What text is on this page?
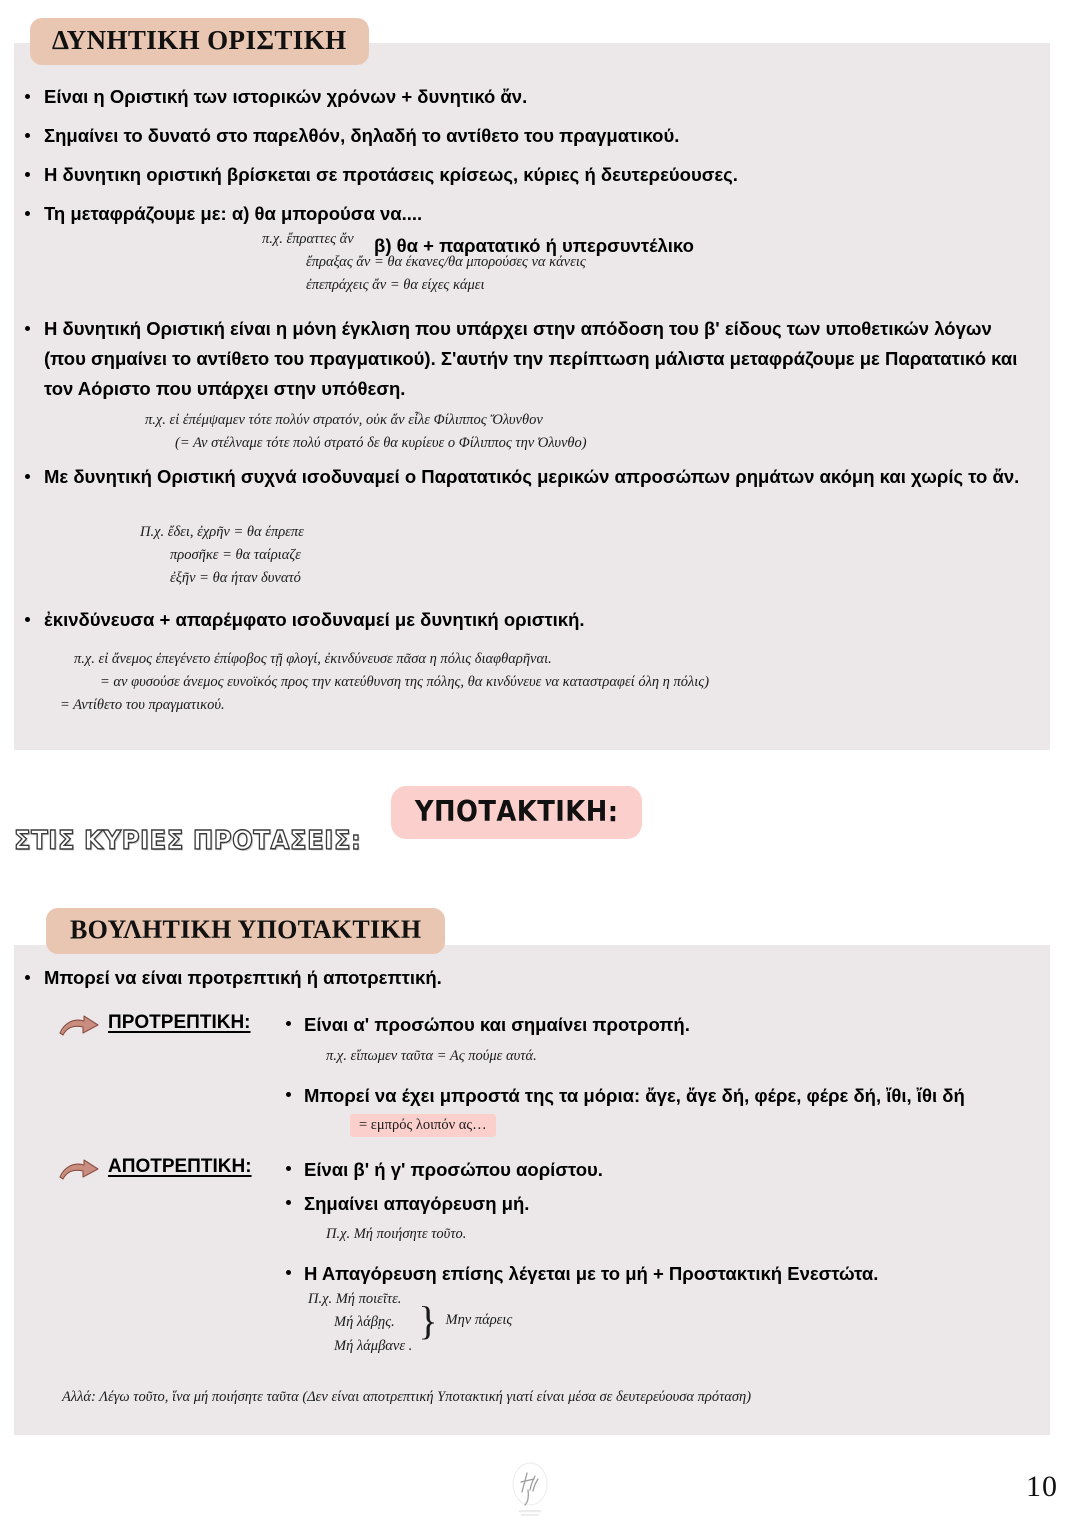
ΔΥΝΗΤΙΚΗ ΟΡΙΣΤΙΚΗ
Είναι η Οριστική των ιστορικών χρόνων + δυνητικό ἄν.
Σημαίνει το δυνατό στο παρελθόν, δηλαδή το αντίθετο του πραγματικού.
Η δυνητικη οριστική βρίσκεται σε προτάσεις κρίσεως, κύριες ή δευτερεύουσες.
Τη μεταφράζουμε με: α) θα μπορούσα να....
β) θα + παρατατικό ή υπερσυντέλικο
π.χ. ἔπραττες ἄν
ἔπραξας ἄν = θα έκανες/θα μπορούσες να κάνεις
ἐπεπράχεις ἄν = θα είχες κάμει
Η δυνητική Οριστική είναι η μόνη έγκλιση που υπάρχει στην απόδοση του β' είδους των υποθετικών λόγων (που σημαίνει το αντίθετο του πραγματικού). Σ'αυτήν την περίπτωση μάλιστα μεταφράζουμε με Παρατατικό και τον Αόριστο που υπάρχει στην υπόθεση.
π.χ. εἰ ἐπέμψαμεν τότε πολύν στρατόν, οὐκ ἄν εἷλε Φίλιππος Ὄλυνθον
(= Αν στέλναμε τότε πολύ στρατό δε θα κυρίευε ο Φίλιππος την Όλυνθο)
Με δυνητική Οριστική συχνά ισοδυναμεί ο Παρατατικός μερικών απροσώπων ρημάτων ακόμη και χωρίς το ἄν.
Π.χ. ἔδει, ἐχρῆν = θα έπρεπε
προσῆκε = θα ταίριαζε
ἐξῆν = θα ήταν δυνατό
ἐκινδύνευσα + απαρέμφατο ισοδυναμεί με δυνητική οριστική.
π.χ. εἰ ἄνεμος ἐπεγένετο ἐπίφοβος τῇ φλογί, ἐκινδύνευσε πᾶσα η πόλις διαφθαρῆναι.
= αν φυσούσε άνεμος ευνοϊκός προς την κατεύθυνση της πόλης, θα κινδύνευε να καταστραφεί όλη η πόλις)
= Αντίθετο του πραγματικού.
ΥΠΟΤΑΚΤΙΚΗ:
ΣΤΙΣ ΚΥΡΙΕΣ ΠΡΟΤΑΣΕΙΣ:
ΒΟΥΛΗΤΙΚΗ ΥΠΟΤΑΚΤΙΚΗ
Μπορεί να είναι προτρεπτική ή αποτρεπτική.
ΠΡΟΤΡΕΠΤΙΚΗ:	Είναι α' προσώπου και σημαίνει προτροπή.
π.χ. εἴπωμεν ταῦτα = Ας πούμε αυτά.
Μπορεί να έχει μπροστά της τα μόρια: ἄγε, ἄγε δή, φέρε, φέρε δή, ἴθι, ἴθι δή = εμπρός λοιπόν ας…
ΑΠΟΤΡΕΠΤΙΚΗ:	Είναι β' ή γ' προσώπου αορίστου.
Σημαίνει απαγόρευση μή.
Π.χ. Μή ποιήσητε τοῦτο.
Η Απαγόρευση επίσης λέγεται με το μή + Προστακτική Ενεστώτα.
Π.χ. Μή ποιεῖτε.
Μή λάβῃς.
Μή λάμβανε .
} Μην πάρεις
Αλλά: Λέγω τοῦτο, ἵνα μή ποιήσητε ταῦτα (Δεν είναι αποτρεπτική Υποτακτική γιατί είναι μέσα σε δευτερεύουσα πρόταση)
10
